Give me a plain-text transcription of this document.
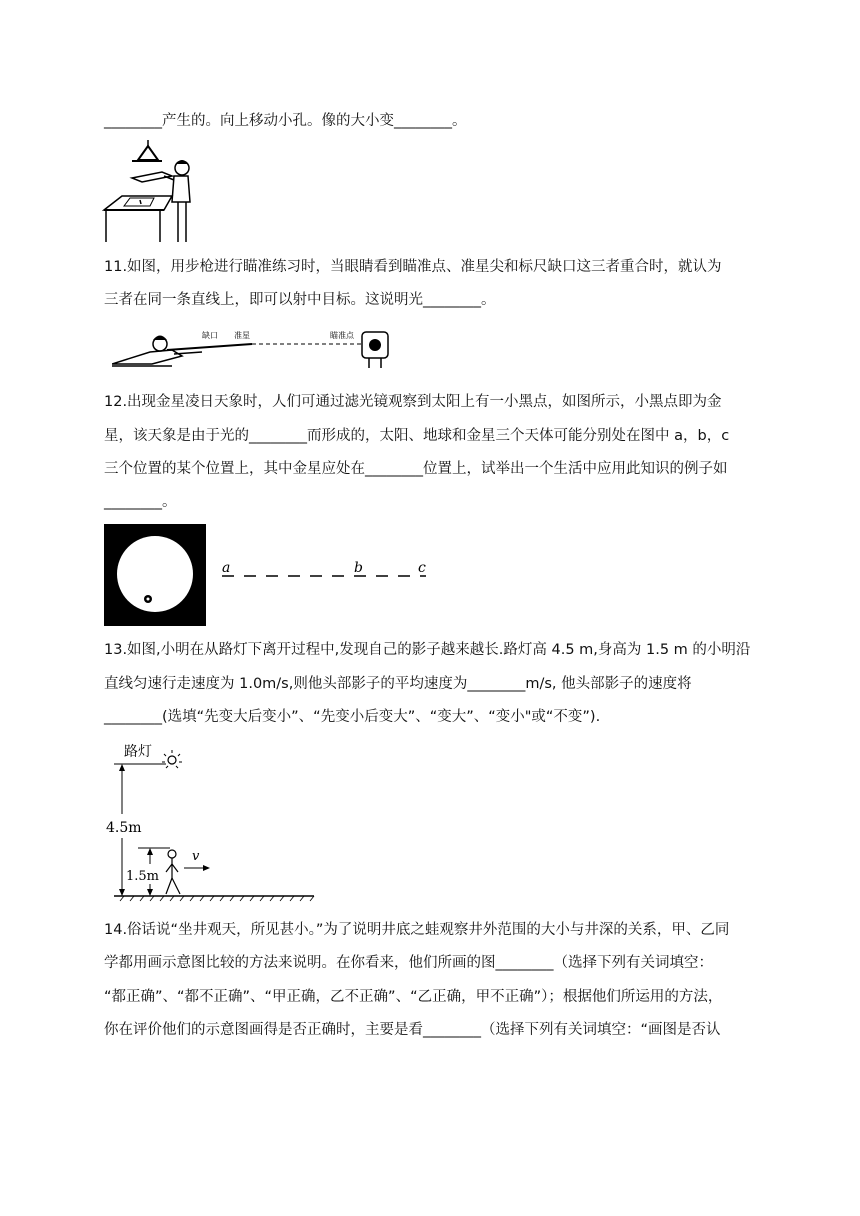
________产生的。向上移动小孔。像的大小变________。
11.如图，用步枪进行瞄准练习时，当眼睛看到瞄准点、准星尖和标尺缺口这三者重合时，就认为
三者在同一条直线上，即可以射中目标。这说明光________。
缺口 准星	瞄准点
12.出现金星凌日天象时，人们可通过滤光镜观察到太阳上有一小黑点，如图所示，小黑点即为金
星，该天象是由于光的________而形成的，太阳、地球和金星三个天体可能分别处在图中 a，b，c
三个位置的某个位置上，其中金星应处在________位置上，试举出一个生活中应用此知识的例子如
________。
a	b	c
13.如图,小明在从路灯下离开过程中,发现自己的影子越来越长.路灯高 4.5 m,身高为 1.5 m 的小明沿
直线匀速行走速度为 1.0m/s,则他头部影子的平均速度为________m/s, 他头部影子的速度将
________(选填“先变大后变小”、“先变小后变大”、“变大”、“变小"或“不变”).
路灯
4.5m
1.5m
v
14.俗话说“坐井观天，所见甚小。”为了说明井底之蛙观察井外范围的大小与井深的关系，甲、乙同
学都用画示意图比较的方法来说明。在你看来，他们所画的图________（选择下列有关词填空：
“都正确”、“都不正确”、“甲正确，乙不正确”、“乙正确，甲不正确”）；根据他们所运用的方法，
你在评价他们的示意图画得是否正确时，主要是看________（选择下列有关词填空：“画图是否认
